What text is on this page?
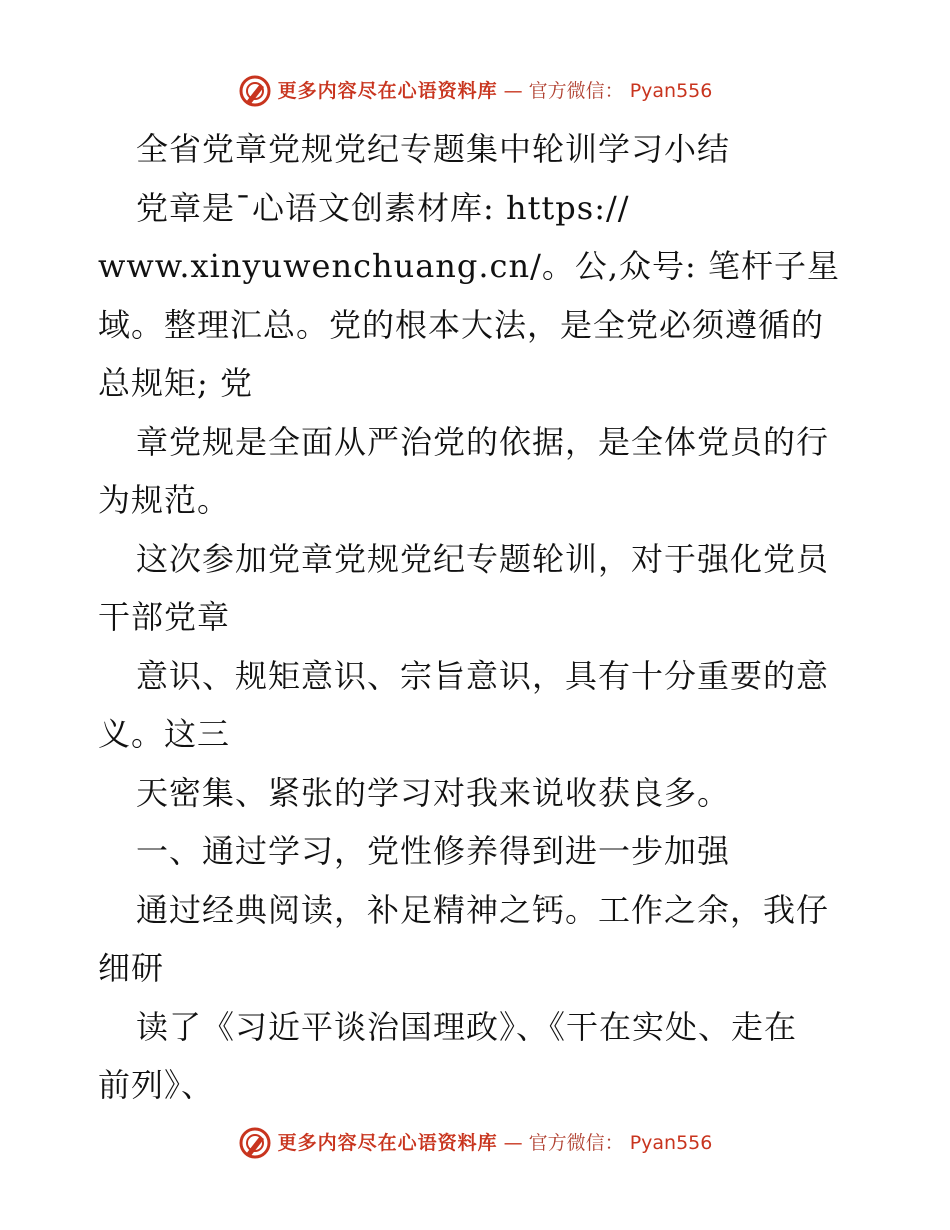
更多内容尽在心语资料库 — 官方微信： Pyan556
全省党章党规党纪专题集中轮训学习小结
党章是¯心语文创素材库: https://
www.xinyuwenchuang.cn/。公,众号: 笔杆子星
域。整理汇总。党的根本大法，是全党必须遵循的
总规矩; 党
章党规是全面从严治党的依据，是全体党员的行
为规范。
这次参加党章党规党纪专题轮训，对于强化党员
干部党章
意识、规矩意识、宗旨意识，具有十分重要的意
义。这三
天密集、紧张的学习对我来说收获良多。
一、通过学习，党性修养得到进一步加强
通过经典阅读，补足精神之钙。工作之余，我仔
细研
读了《习近平谈治国理政》、《干在实处、走在
前列》、
更多内容尽在心语资料库 — 官方微信： Pyan556
